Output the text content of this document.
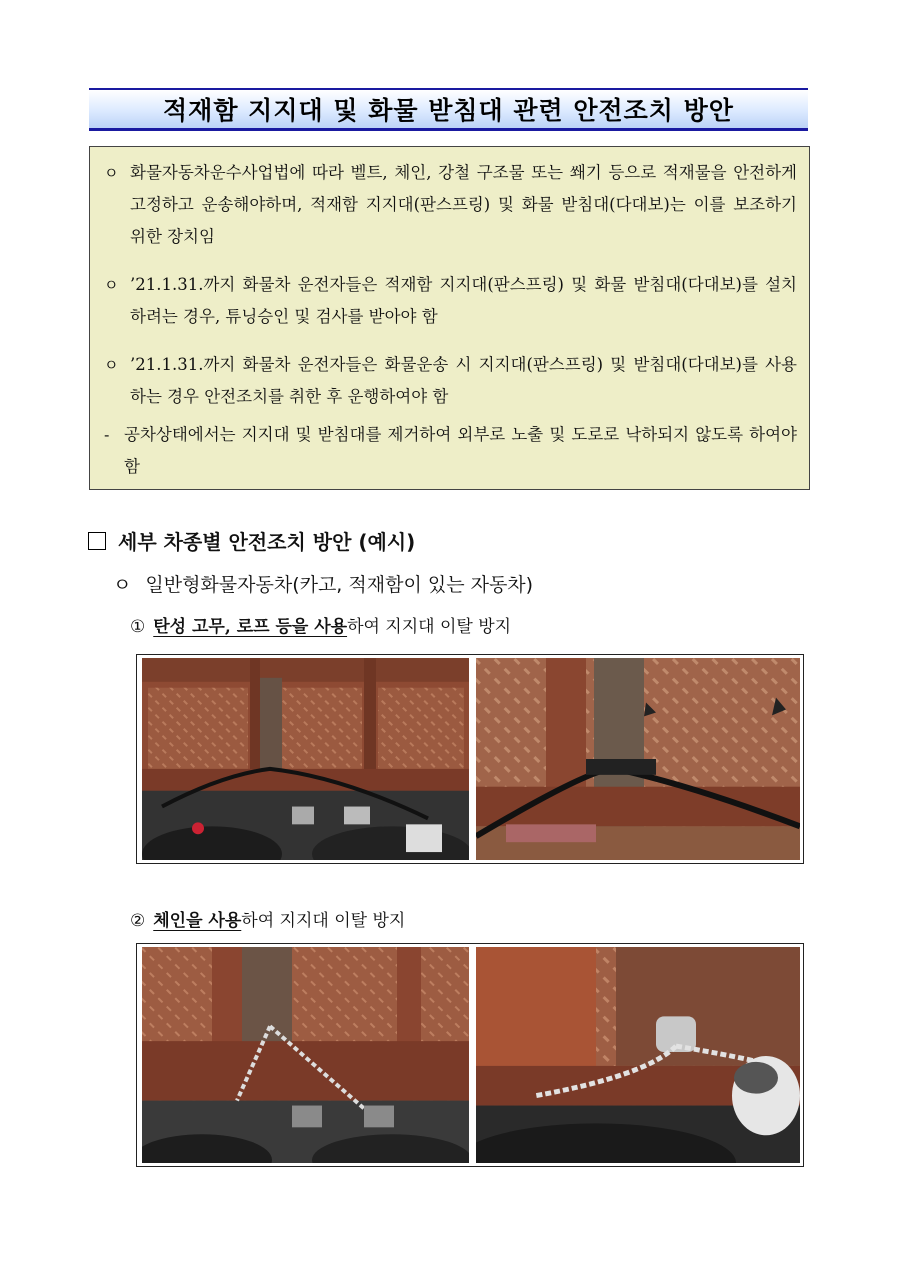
적재함 지지대 및 화물 받침대 관련 안전조치 방안
ㅇ 화물자동차운수사업법에 따라 벨트, 체인, 강철 구조물 또는 쐐기 등으로 적재물을 안전하게 고정하고 운송해야하며, 적재함 지지대(판스프링) 및 화물 받침대(다대보)는 이를 보조하기 위한 장치임
ㅇ ’21.1.31.까지 화물차 운전자들은 적재함 지지대(판스프링) 및 화물 받침대(다대보)를 설치하려는 경우, 튜닝승인 및 검사를 받아야 함
ㅇ ’21.1.31.까지 화물차 운전자들은 화물운송 시 지지대(판스프링) 및 받침대(다대보)를 사용하는 경우 안전조치를 취한 후 운행하여야 함
- 공차상태에서는 지지대 및 받침대를 제거하여 외부로 노출 및 도로로 낙하되지 않도록 하여야 함
세부 차종별 안전조치 방안 (예시)
ㅇ 일반형화물자동차(카고, 적재함이 있는 자동차)
① 탄성 고무, 로프 등을 사용하여 지지대 이탈 방지
② 체인을 사용하여 지지대 이탈 방지
